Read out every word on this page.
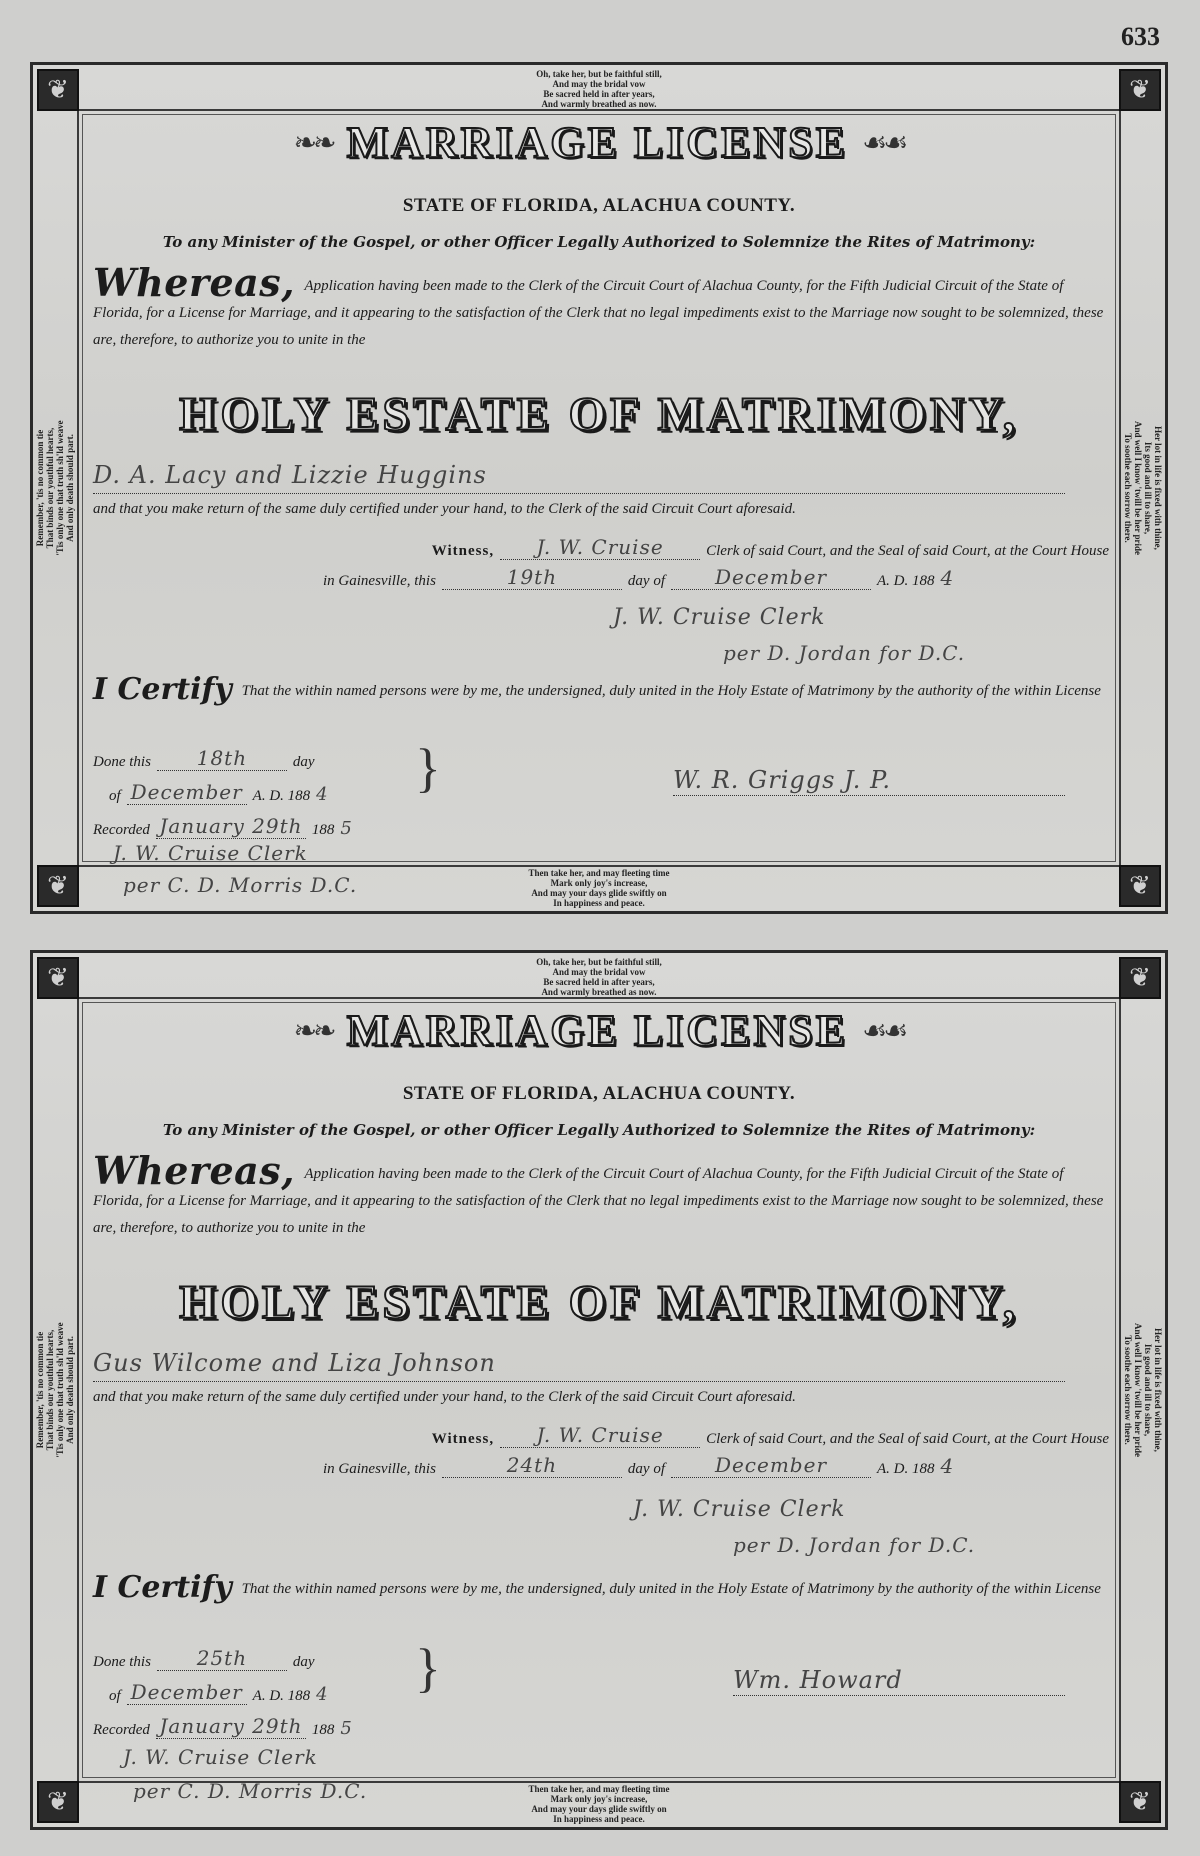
633
❦	❦
❦	❦
Oh, take her, but be faithful still,
And may the bridal vow
Be sacred held in after years,
And warmly breathed as now.
Then take her, and may fleeting time
Mark only joy's increase,
And may your days glide swiftly on
In happiness and peace.
Remember, 'tis no common tie That binds our youthful hearts, 'Tis only one that truth sh'ld weave And only death should part.	Her lot in life is fixed with thine,
Its good and ill to share,
And well I know 'twill be her pride
To soothe each sorrow there.
❧❧ MARRIAGE LICENSE ☙☙
STATE OF FLORIDA, ALACHUA COUNTY.
To any Minister of the Gospel, or other Officer Legally Authorized to Solemnize the Rites of Matrimony:
Whereas, Application having been made to the Clerk of the Circuit Court of Alachua County, for the Fifth Judicial Circuit of the State of Florida, for a License for Marriage, and it appearing to the satisfaction of the Clerk that no legal impediments exist to the Marriage now sought to be solemnized, these are, therefore, to authorize you to unite in the
HOLY ESTATE OF MATRIMONY,
D. A. Lacy and Lizzie Huggins
and that you make return of the same duly certified under your hand, to the Clerk of the said Circuit Court aforesaid.
Witness,	J. W. Cruise	Clerk of said Court, and the Seal of said Court, at the Court House
in Gainesville, this	19th	day of	December	A. D. 188 4
J. W. Cruise Clerk
per D. Jordan for D.C.
I Certify That the within named persons were by me, the undersigned, duly united in the Holy Estate of Matrimony by the authority of the within License
Done this	18th	day
of December A. D. 188 4
Recorded January 29th 188 5
}	W. R. Griggs J. P.
J. W. Cruise Clerk
per C. D. Morris D.C.
❦	❦
❦	❦
Oh, take her, but be faithful still,
And may the bridal vow
Be sacred held in after years,
And warmly breathed as now.
Then take her, and may fleeting time
Mark only joy's increase,
And may your days glide swiftly on
In happiness and peace.
Remember, 'tis no common tie That binds our youthful hearts, 'Tis only one that truth sh'ld weave And only death should part.	Her lot in life is fixed with thine,
Its good and ill to share,
And well I know 'twill be her pride
To soothe each sorrow there.
❧❧ MARRIAGE LICENSE ☙☙
STATE OF FLORIDA, ALACHUA COUNTY.
To any Minister of the Gospel, or other Officer Legally Authorized to Solemnize the Rites of Matrimony:
Whereas, Application having been made to the Clerk of the Circuit Court of Alachua County, for the Fifth Judicial Circuit of the State of Florida, for a License for Marriage, and it appearing to the satisfaction of the Clerk that no legal impediments exist to the Marriage now sought to be solemnized, these are, therefore, to authorize you to unite in the
HOLY ESTATE OF MATRIMONY,
Gus Wilcome and Liza Johnson
and that you make return of the same duly certified under your hand, to the Clerk of the said Circuit Court aforesaid.
Witness,	J. W. Cruise	Clerk of said Court, and the Seal of said Court, at the Court House
in Gainesville, this	24th	day of	December	A. D. 188 4
J. W. Cruise Clerk
per D. Jordan for D.C.
I Certify That the within named persons were by me, the undersigned, duly united in the Holy Estate of Matrimony by the authority of the within License
Done this	25th	day
of December A. D. 188 4
Recorded January 29th 188 5
}	Wm. Howard
J. W. Cruise Clerk
per C. D. Morris D.C.
